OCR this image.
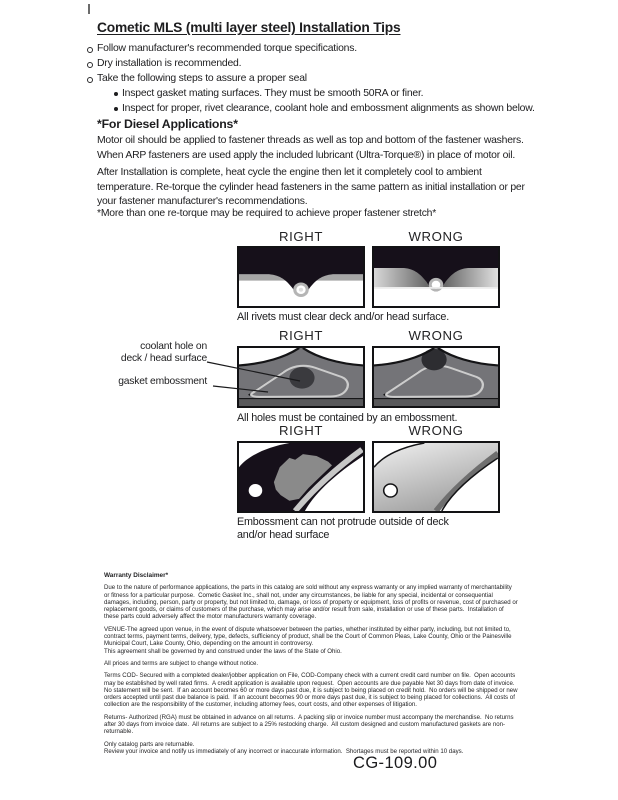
Cometic MLS (multi layer steel) Installation Tips
Follow manufacturer's recommended torque specifications.
Dry installation is recommended.
Take the following steps to assure a proper seal
Inspect gasket mating surfaces. They must be smooth 50RA or finer.
Inspect for proper, rivet clearance, coolant hole and embossment alignments as shown below.
*For Diesel Applications*
Motor oil should be applied to fastener threads as well as top and bottom of the fastener washers. When ARP fasteners are used apply the included lubricant (Ultra-Torque®) in place of motor oil.
After Installation is complete, heat cycle the engine then let it completely cool to ambient temperature. Re-torque the cylinder head fasteners in the same pattern as initial installation or per your fastener manufacturer's recommendations.
*More than one re-torque may be required to achieve proper fastener stretch*
RIGHT	WRONG
All rivets must clear deck and/or head surface.
RIGHT	WRONG
coolant hole on
deck / head surface
gasket embossment
All holes must be contained by an embossment.
RIGHT	WRONG
Embossment can not protrude outside of deck
and/or head surface

Warranty Disclaimer*

Due to the nature of performance applications, the parts in this catalog are sold without any express warranty or any implied warranty of merchantability or fitness for a particular purpose.  Cometic Gasket Inc., shall not, under any circumstances, be liable for any special, incidental or consequential damages, including, person, party or property, but not limited to, damage, or loss of property or equipment, loss of profits or revenue, cost of purchased or replacement goods, or claims of customers of the purchase, which may arise and/or result from sale, installation or use of these parts.  Installation of these parts could adversely affect the motor manufacturers warranty coverage.

VENUE-The agreed upon venue, in the event of dispute whatsoever between the parties, whether instituted by either party, including, but not limited to, contract terms, payment terms, delivery, type, defects, sufficiency of product, shall be the Court of Common Pleas, Lake County, Ohio or the Painesville Municipal Court, Lake County, Ohio, depending on the amount in controversy.

This agreement shall be governed by and construed under the laws of the State of Ohio.

All prices and terms are subject to change without notice.

Terms COD- Secured with a completed dealer/jobber application on File, COD-Company check with a current credit card number on file.  Open accounts may be established by well rated firms.  A credit application is available upon request.  Open accounts are due payable Net 30 days from date of invoice.  No statement will be sent.  If an account becomes 60 or more days past due, it is subject to being placed on credit hold.  No orders will be shipped or new orders accepted until past due balance is paid.  If an account becomes 90 or more days past due, it is subject to being placed for collections.  All costs of collection are the responsibility of the customer, including attorney fees, court costs, and other expenses of litigation.

Returns- Authorized (RGA) must be obtained in advance on all returns.  A packing slip or invoice number must accompany the merchandise.  No returns after 30 days from invoice date.  All returns are subject to a 25% restocking charge.  All custom designed and custom manufactured gaskets are non-returnable.

Only catalog parts are returnable.

Review your invoice and notify us immediately of any incorrect or inaccurate information.  Shortages must be reported within 10 days.

CG-109.00
